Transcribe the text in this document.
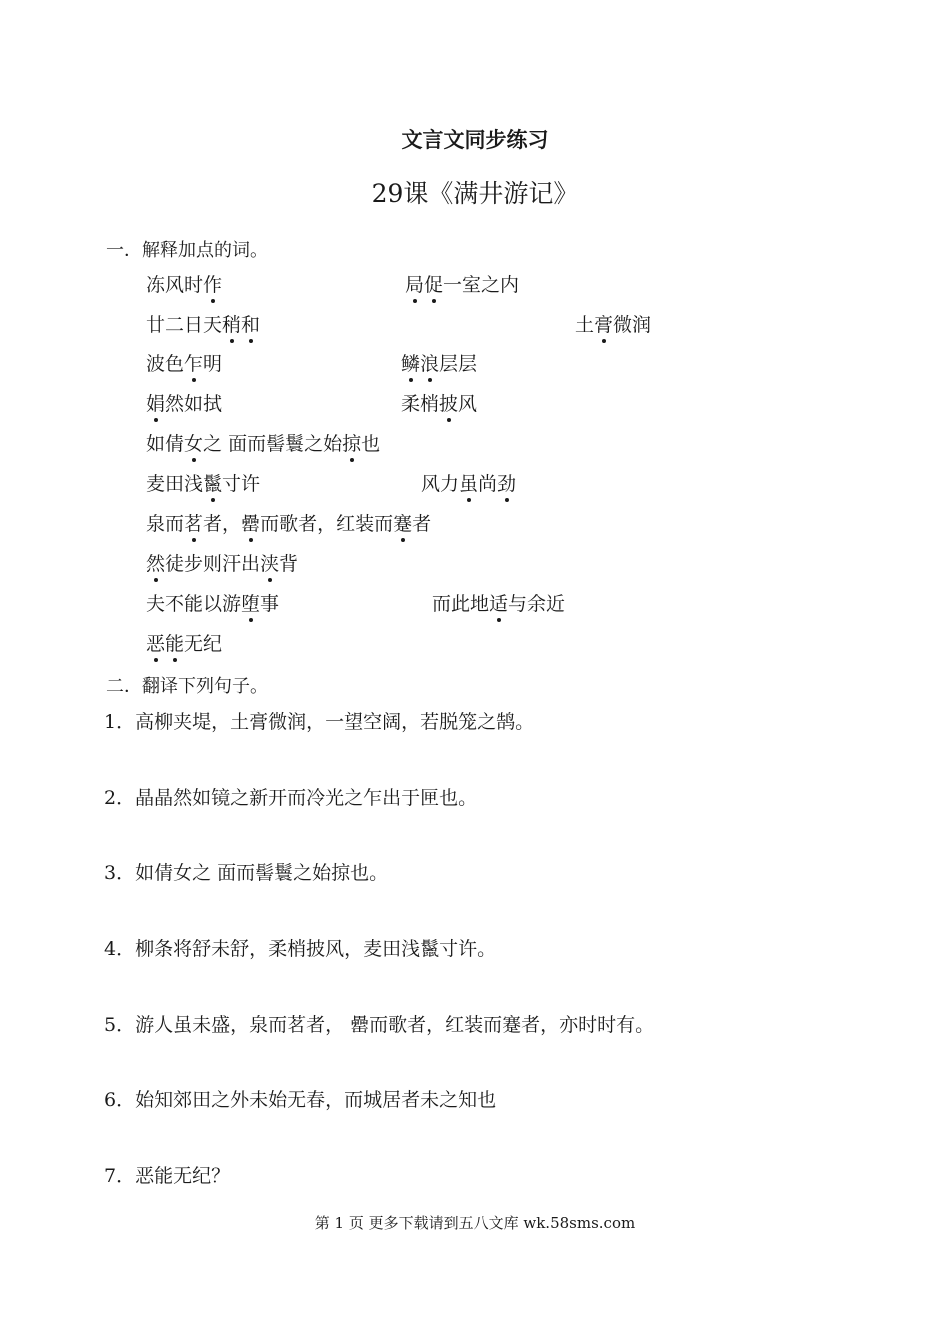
文言文同步练习
29课《满井游记》
一．解释加点的词。
冻风时作	局促一室之内
廿二日天稍和	土膏微润
波色乍明	鳞浪层层
娟然如拭	柔梢披风
如倩女之 面而髻鬟之始掠也
麦田浅鬣寸许	风力虽尚劲
泉而茗者，罍而歌者，红装而蹇者
然徒步则汗出浃背
夫不能以游堕事	而此地适与余近
恶能无纪
二．翻译下列句子。
1．高柳夹堤，土膏微润，一望空阔，若脱笼之鹄。
2．晶晶然如镜之新开而冷光之乍出于匣也。
3．如倩女之 面而髻鬟之始掠也。
4．柳条将舒未舒，柔梢披风，麦田浅鬣寸许。
5．游人虽未盛，泉而茗者， 罍而歌者，红装而蹇者，亦时时有。
6．始知郊田之外未始无春，而城居者未之知也
7．恶能无纪？
第 1 页 更多下载请到五八文库 wk.58sms.com
